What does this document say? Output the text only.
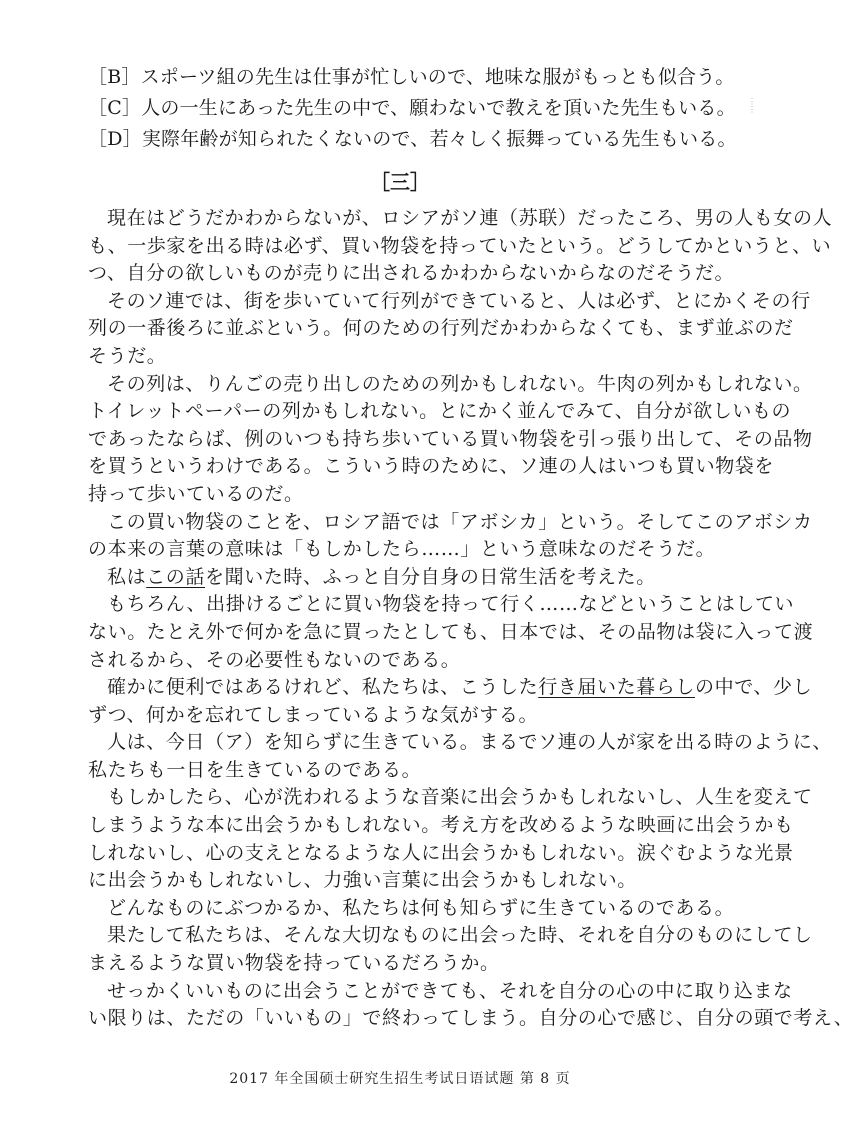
［B］スポーツ組の先生は仕事が忙しいので、地味な服がもっとも似合う。
［C］人の一生にあった先生の中で、願わないで教えを頂いた先生もいる。
［D］実際年齢が知られたくないので、若々しく振舞っている先生もいる。
⋮
⋮
［三］
現在はどうだかわからないが、ロシアがソ連（苏联）だったころ、男の人も女の人
も、一歩家を出る時は必ず、買い物袋を持っていたという。どうしてかというと、い
つ、自分の欲しいものが売りに出されるかわからないからなのだそうだ。
そのソ連では、街を歩いていて行列ができていると、人は必ず、とにかくその行
列の一番後ろに並ぶという。何のための行列だかわからなくても、まず並ぶのだ
そうだ。
その列は、りんごの売り出しのための列かもしれない。牛肉の列かもしれない。
トイレットペーパーの列かもしれない。とにかく並んでみて、自分が欲しいもの
であったならば、例のいつも持ち歩いている買い物袋を引っ張り出して、その品物
を買うというわけである。こういう時のために、ソ連の人はいつも買い物袋を
持って歩いているのだ。
この買い物袋のことを、ロシア語では「アボシカ」という。そしてこのアボシカ
の本来の言葉の意味は「もしかしたら……」という意味なのだそうだ。
私はこの話を聞いた時、ふっと自分自身の日常生活を考えた。
もちろん、出掛けるごとに買い物袋を持って行く……などということはしてい
ない。たとえ外で何かを急に買ったとしても、日本では、その品物は袋に入って渡
されるから、その必要性もないのである。
確かに便利ではあるけれど、私たちは、こうした行き届いた暮らしの中で、少し
ずつ、何かを忘れてしまっているような気がする。
人は、今日（ア）を知らずに生きている。まるでソ連の人が家を出る時のように、
私たちも一日を生きているのである。
もしかしたら、心が洗われるような音楽に出会うかもしれないし、人生を変えて
しまうような本に出会うかもしれない。考え方を改めるような映画に出会うかも
しれないし、心の支えとなるような人に出会うかもしれない。涙ぐむような光景
に出会うかもしれないし、力強い言葉に出会うかもしれない。
どんなものにぶつかるか、私たちは何も知らずに生きているのである。
果たして私たちは、そんな大切なものに出会った時、それを自分のものにしてし
まえるような買い物袋を持っているだろうか。
せっかくいいものに出会うことができても、それを自分の心の中に取り込まな
い限りは、ただの「いいもの」で終わってしまう。自分の心で感じ、自分の頭で考え、
2017 年全国硕士研究生招生考试日语试题 第 8 页
